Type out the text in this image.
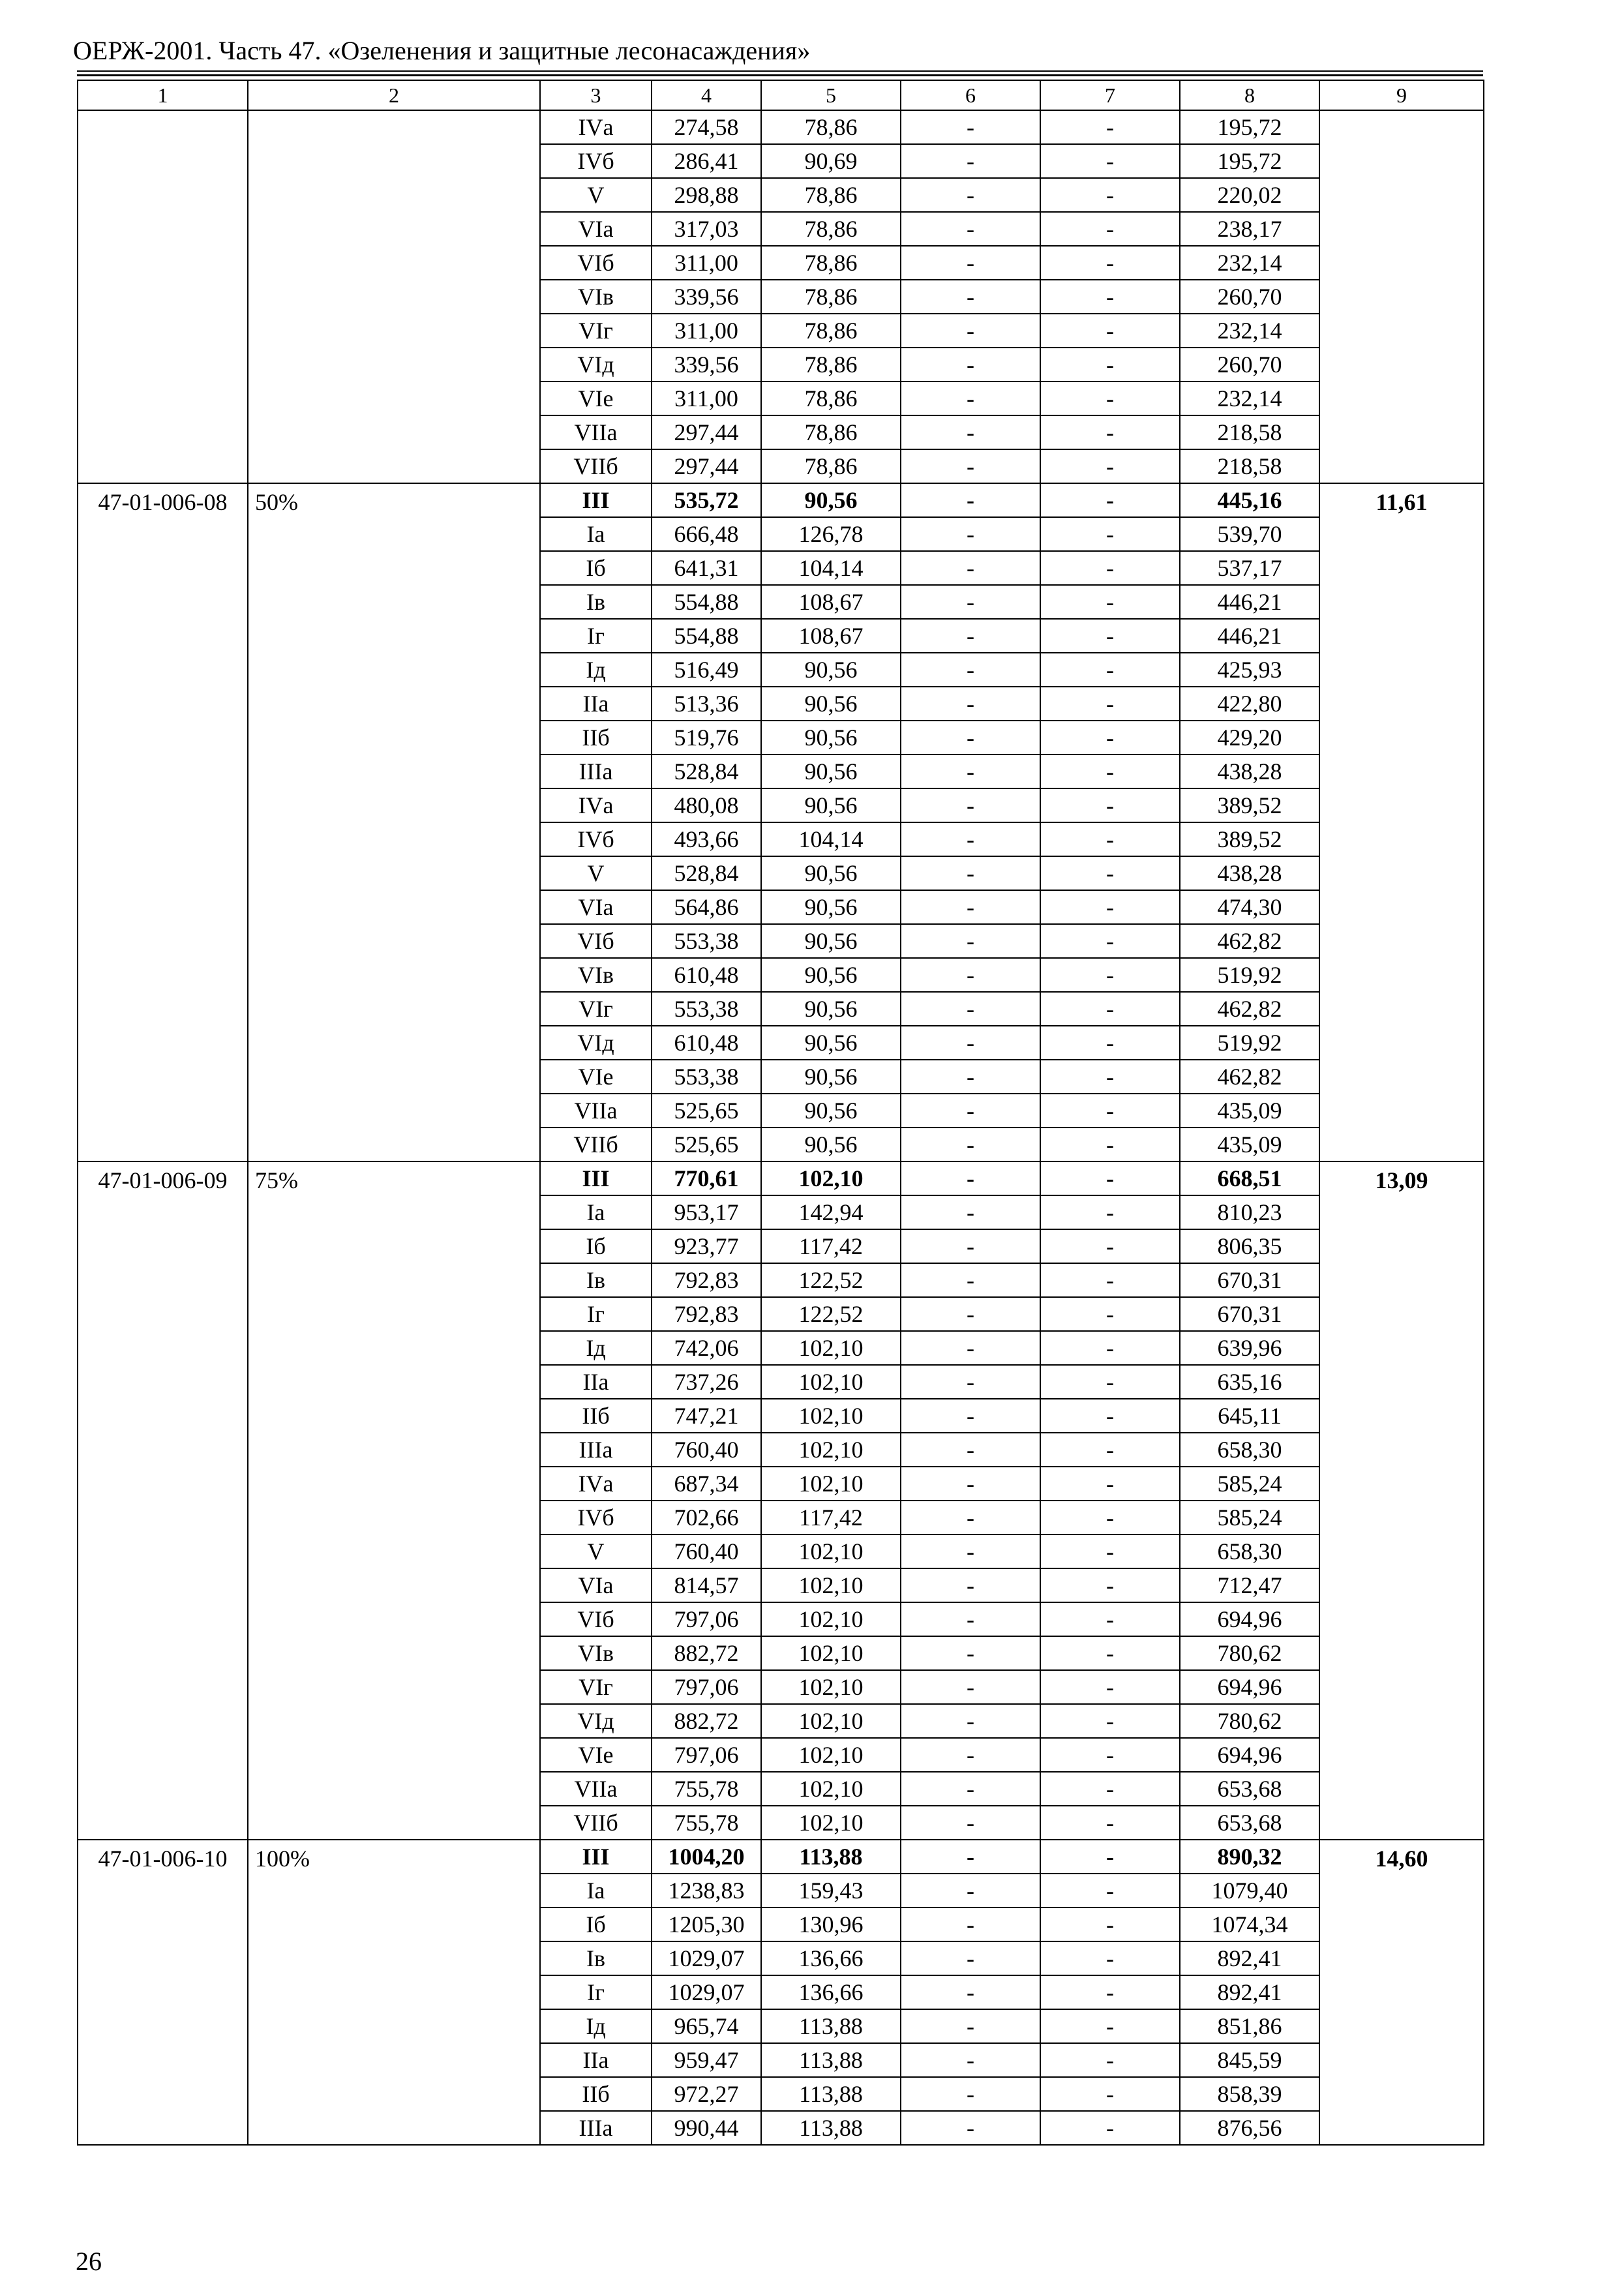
ОЕРЖ-2001. Часть 47. «Озеленения и защитные лесонасаждения»
1	2	3	4	5	6	7	8	9
		IVа	274,58	78,86	-	-	195,72	
		IVб	286,41	90,69	-	-	195,72	
		V	298,88	78,86	-	-	220,02	
		VIа	317,03	78,86	-	-	238,17	
		VIб	311,00	78,86	-	-	232,14	
		VIв	339,56	78,86	-	-	260,70	
		VIг	311,00	78,86	-	-	232,14	
		VIд	339,56	78,86	-	-	260,70	
		VIе	311,00	78,86	-	-	232,14	
		VIIа	297,44	78,86	-	-	218,58	
		VIIб	297,44	78,86	-	-	218,58	
47-01-006-08	50%	III	535,72	90,56	-	-	445,16	11,61
		Iа	666,48	126,78	-	-	539,70	
		Iб	641,31	104,14	-	-	537,17	
		Iв	554,88	108,67	-	-	446,21	
		Iг	554,88	108,67	-	-	446,21	
		Iд	516,49	90,56	-	-	425,93	
		IIа	513,36	90,56	-	-	422,80	
		IIб	519,76	90,56	-	-	429,20	
		IIIа	528,84	90,56	-	-	438,28	
		IVа	480,08	90,56	-	-	389,52	
		IVб	493,66	104,14	-	-	389,52	
		V	528,84	90,56	-	-	438,28	
		VIа	564,86	90,56	-	-	474,30	
		VIб	553,38	90,56	-	-	462,82	
		VIв	610,48	90,56	-	-	519,92	
		VIг	553,38	90,56	-	-	462,82	
		VIд	610,48	90,56	-	-	519,92	
		VIе	553,38	90,56	-	-	462,82	
		VIIа	525,65	90,56	-	-	435,09	
		VIIб	525,65	90,56	-	-	435,09	
47-01-006-09	75%	III	770,61	102,10	-	-	668,51	13,09
		Iа	953,17	142,94	-	-	810,23	
		Iб	923,77	117,42	-	-	806,35	
		Iв	792,83	122,52	-	-	670,31	
		Iг	792,83	122,52	-	-	670,31	
		Iд	742,06	102,10	-	-	639,96	
		IIа	737,26	102,10	-	-	635,16	
		IIб	747,21	102,10	-	-	645,11	
		IIIа	760,40	102,10	-	-	658,30	
		IVа	687,34	102,10	-	-	585,24	
		IVб	702,66	117,42	-	-	585,24	
		V	760,40	102,10	-	-	658,30	
		VIа	814,57	102,10	-	-	712,47	
		VIб	797,06	102,10	-	-	694,96	
		VIв	882,72	102,10	-	-	780,62	
		VIг	797,06	102,10	-	-	694,96	
		VIд	882,72	102,10	-	-	780,62	
		VIе	797,06	102,10	-	-	694,96	
		VIIа	755,78	102,10	-	-	653,68	
		VIIб	755,78	102,10	-	-	653,68	
47-01-006-10	100%	III	1004,20	113,88	-	-	890,32	14,60
		Iа	1238,83	159,43	-	-	1079,40	
		Iб	1205,30	130,96	-	-	1074,34	
		Iв	1029,07	136,66	-	-	892,41	
		Iг	1029,07	136,66	-	-	892,41	
		Iд	965,74	113,88	-	-	851,86	
		IIа	959,47	113,88	-	-	845,59	
		IIб	972,27	113,88	-	-	858,39	
		IIIа	990,44	113,88	-	-	876,56	
26
